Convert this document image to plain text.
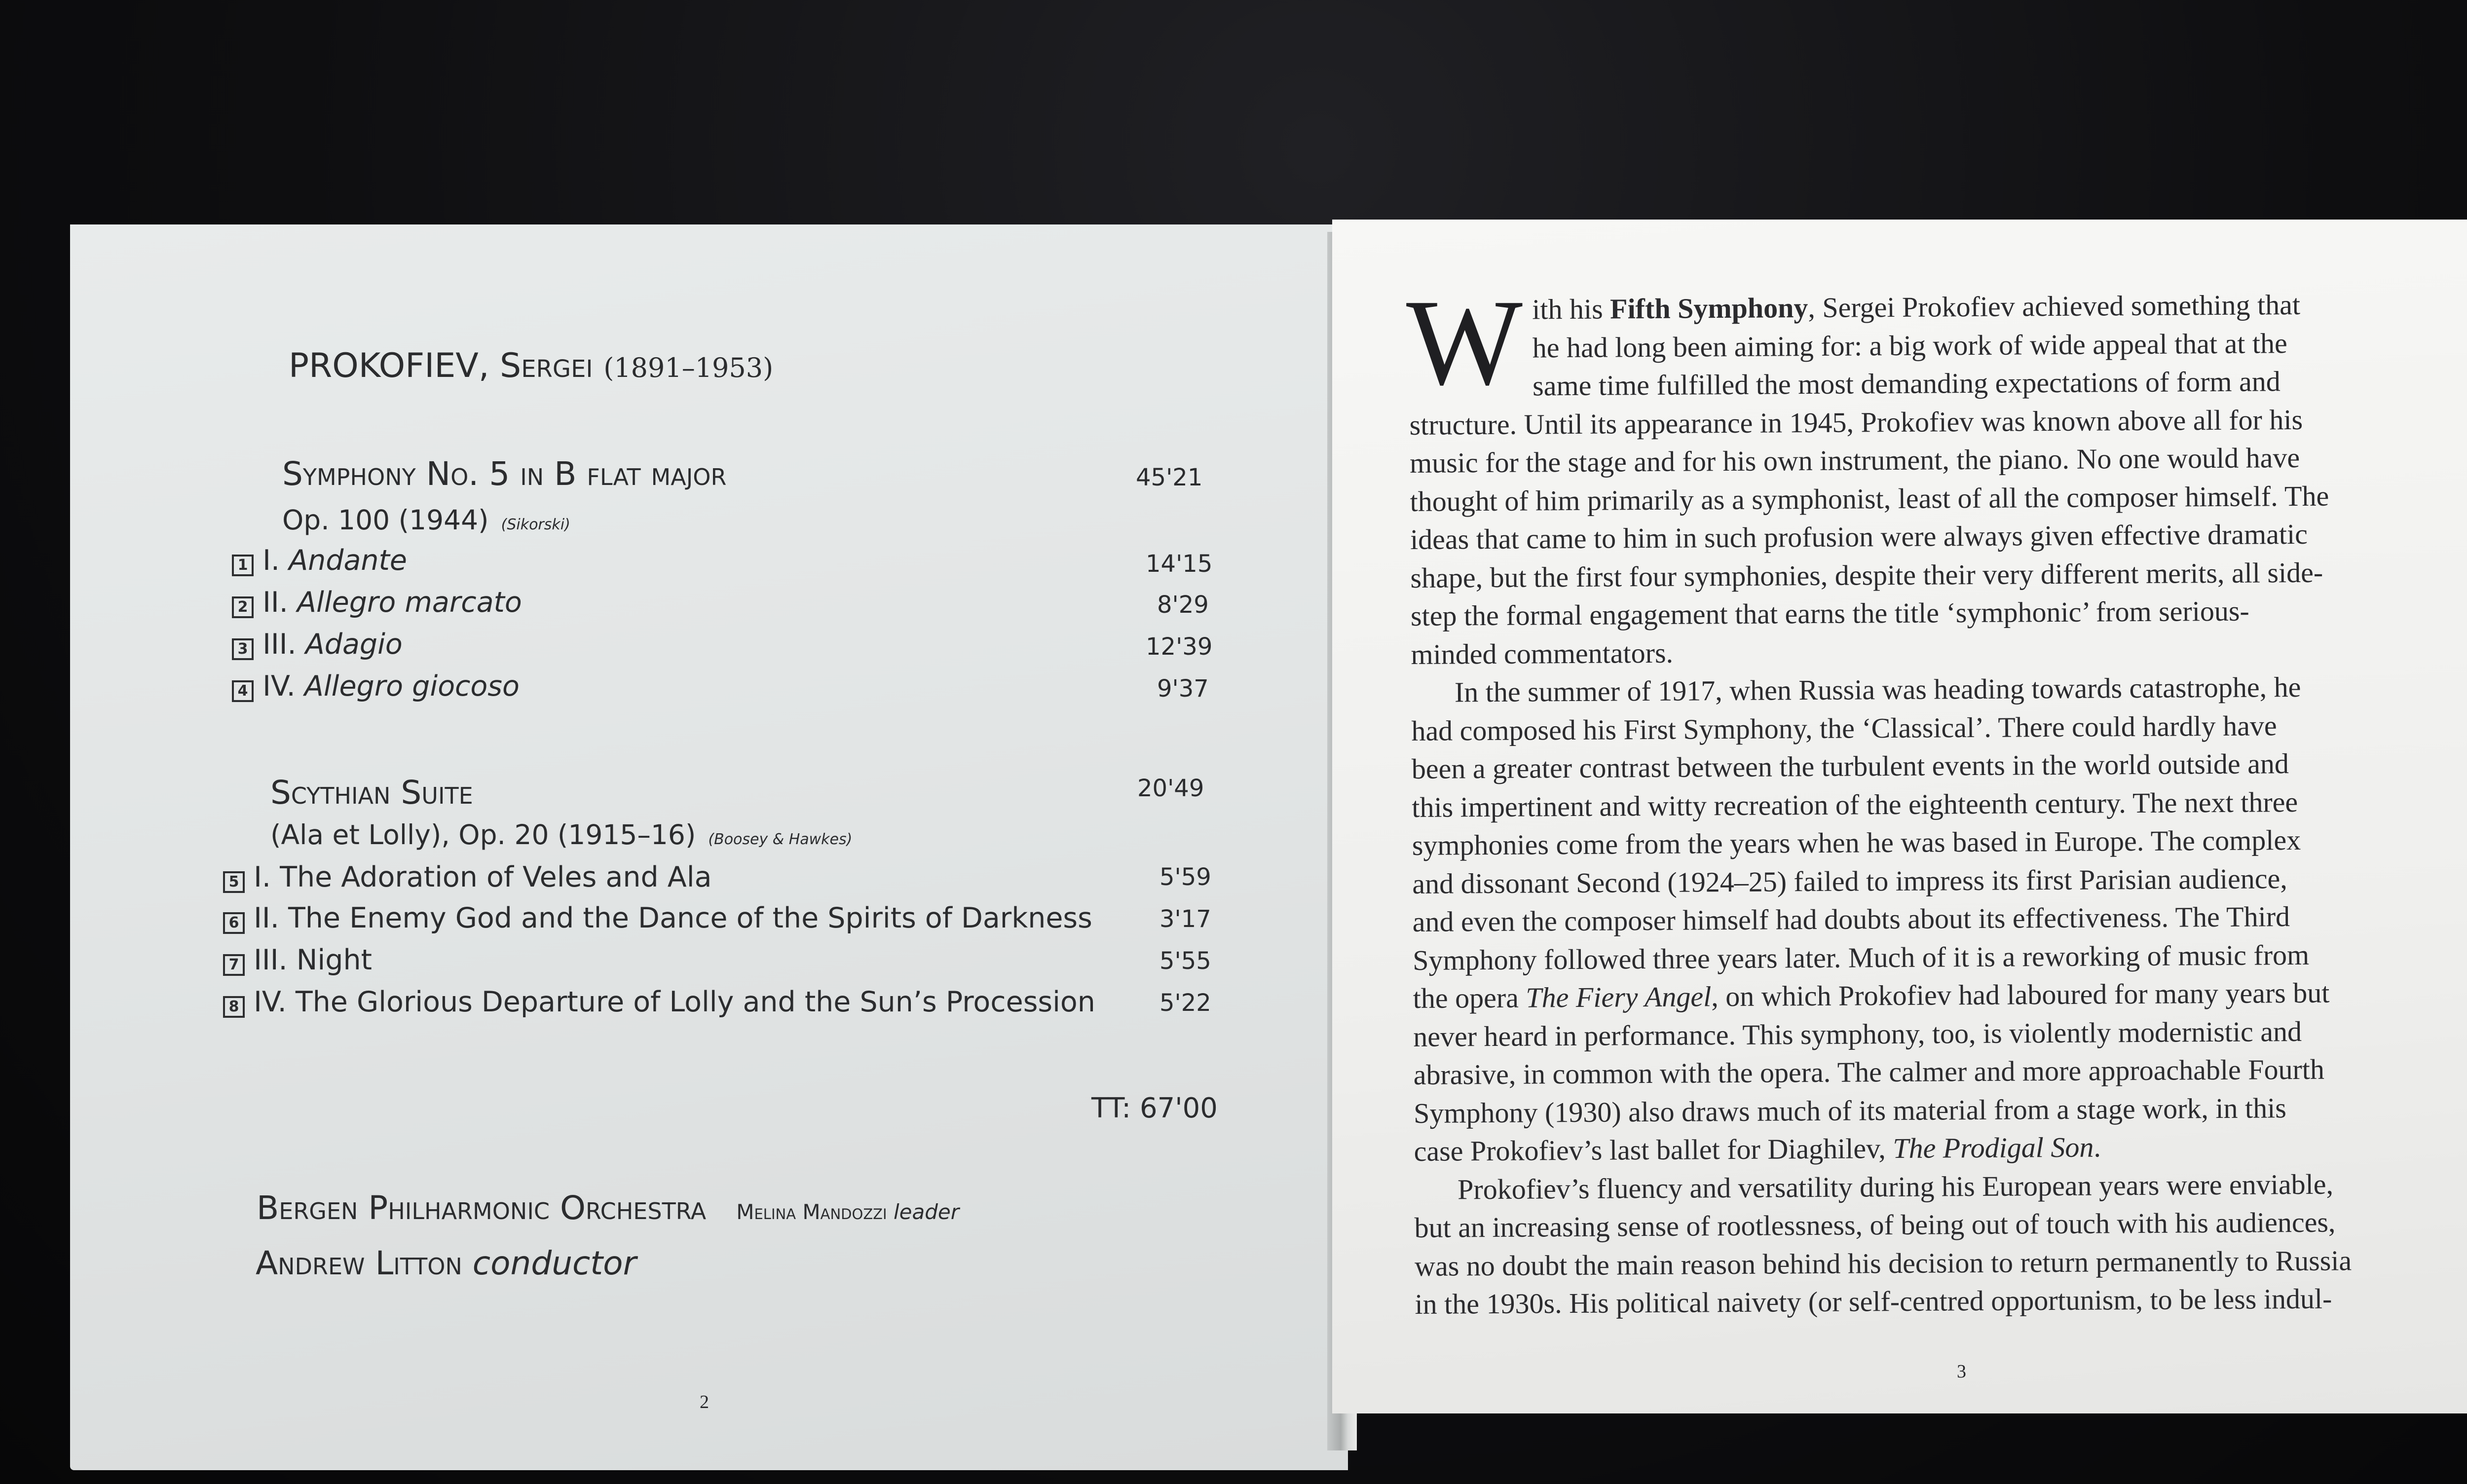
PROKOFIEV, Sergei (1891–1953)
Symphony No. 5 in B flat major	45'21
Op. 100 (1944) (Sikorski)
1 I. Andante	14'15
2 II. Allegro marcato	8'29
3 III. Adagio	12'39
4 IV. Allegro giocoso	9'37
Scythian Suite	20'49
(Ala et Lolly), Op. 20 (1915–16) (Boosey & Hawkes)
5 I. The Adoration of Veles and Ala	5'59
6 II. The Enemy God and the Dance of the Spirits of Darkness	3'17
7 III. Night	5'55
8 IV. The Glorious Departure of Lolly and the Sun’s Procession	5'22
TT: 67'00
Bergen Philharmonic Orchestra Melina Mandozzi leader
Andrew Litton conductor
2
W ith his Fifth Symphony, Sergei Prokofiev achieved something that
he had long been aiming for: a big work of wide appeal that at the
same time fulfilled the most demanding expectations of form and
structure. Until its appearance in 1945, Prokofiev was known above all for his
music for the stage and for his own instrument, the piano. No one would have
thought of him primarily as a symphonist, least of all the composer himself. The
ideas that came to him in such profusion were always given effective dramatic
shape, but the first four symphonies, despite their very different merits, all side-
step the formal engagement that earns the title ‘symphonic’ from serious-
minded commentators.
In the summer of 1917, when Russia was heading towards catastrophe, he
had composed his First Symphony, the ‘Classical’. There could hardly have
been a greater contrast between the turbulent events in the world outside and
this impertinent and witty recreation of the eighteenth century. The next three
symphonies come from the years when he was based in Europe. The complex
and dissonant Second (1924–25) failed to impress its first Parisian audience,
and even the composer himself had doubts about its effectiveness. The Third
Symphony followed three years later. Much of it is a reworking of music from
the opera The Fiery Angel, on which Prokofiev had laboured for many years but
never heard in performance. This symphony, too, is violently modernistic and
abrasive, in common with the opera. The calmer and more approachable Fourth
Symphony (1930) also draws much of its material from a stage work, in this
case Prokofiev’s last ballet for Diaghilev, The Prodigal Son.
Prokofiev’s fluency and versatility during his European years were enviable,
but an increasing sense of rootlessness, of being out of touch with his audiences,
was no doubt the main reason behind his decision to return permanently to Russia
in the 1930s. His political naivety (or self-centred opportunism, to be less indul-
3
